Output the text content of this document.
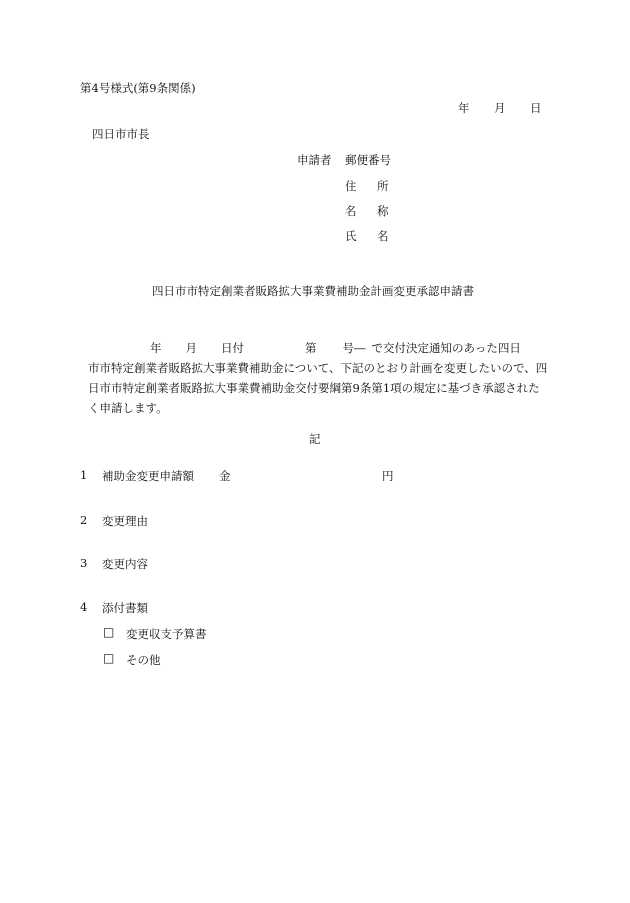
第4号様式(第9条関係)
年 月 日
四日市市長
申請者 郵便番号
住 所
名 称
氏 名
四日市市特定創業者販路拡大事業費補助金計画変更承認申請書
年 月 日付	第 号― で交付決定通知のあった四日
市市特定創業者販路拡大事業費補助金について、下記のとおり計画を変更したいので、四
日市市特定創業者販路拡大事業費補助金交付要綱第9条第1項の規定に基づき承認された
く申請します。
記
1 補助金変更申請額 金	円
2 変更理由
3 変更内容
4 添付書類
□ 変更収支予算書
□ その他
